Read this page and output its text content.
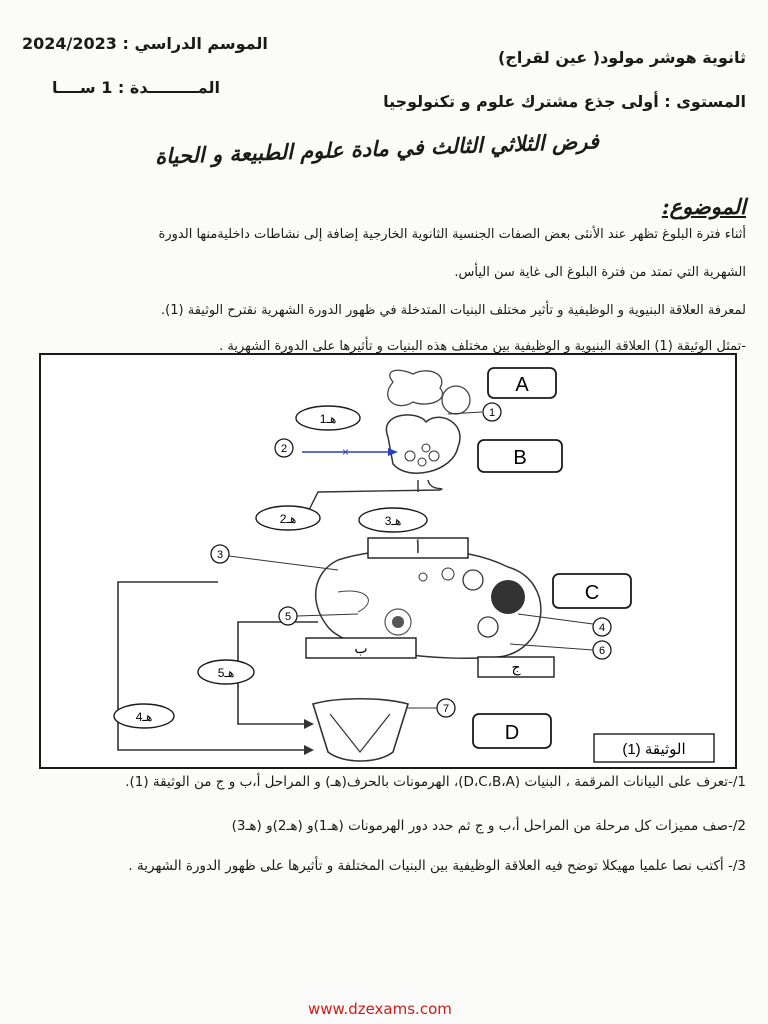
ثانوية هوشر مولود( عين لقراج)
الموسم الدراسي : 2024/2023
المستوى : أولى جذع مشترك علوم و تكنولوجيا
المـــــــــدة : 1 ســــا
فرض الثلاثي الثالث في مادة علوم الطبيعة و الحياة
الموضوع:
أثناء فترة البلوغ تظهر عند الأنثى بعض الصفات الجنسية الثانوية الخارجية إضافة إلى نشاطات داخليةمنها الدورة
الشهرية التي تمتد من فترة البلوغ الى غاية سن اليأس.
لمعرفة العلاقة البنيوية و الوظيفية و تأثير مختلف البنيات المتدخلة في ظهور الدورة الشهرية نقترح الوثيقة (1).
-تمثل الوثيقة (1) العلاقة البنيوية و الوظيفية بين مختلف هذه البنيات و تأثيرها على الدورة الشهرية .
×
A
B
C
D
أ
ب
ج
1هـ
2هـ	3هـ
4هـ
5هـ
1
2
3
4
5
6
7
الوثيقة (1)
1/-تعرف على البيانات المرقمة ، البنيات (D،C،B،A)، الهرمونات بالحرف(هـ) و المراحل أ،ب و ج من الوثيقة (1).
2/-صف مميزات كل مرحلة من المراحل أ،ب و ج ثم حدد دور الهرمونات (هـ1)و (هـ2)و (هـ3)
3/- أكتب نصا علميا مهيكلا توضح فيه العلاقة الوظيفية بين البنيات المختلفة و تأثيرها على ظهور الدورة الشهرية .
www.dzexams.com
